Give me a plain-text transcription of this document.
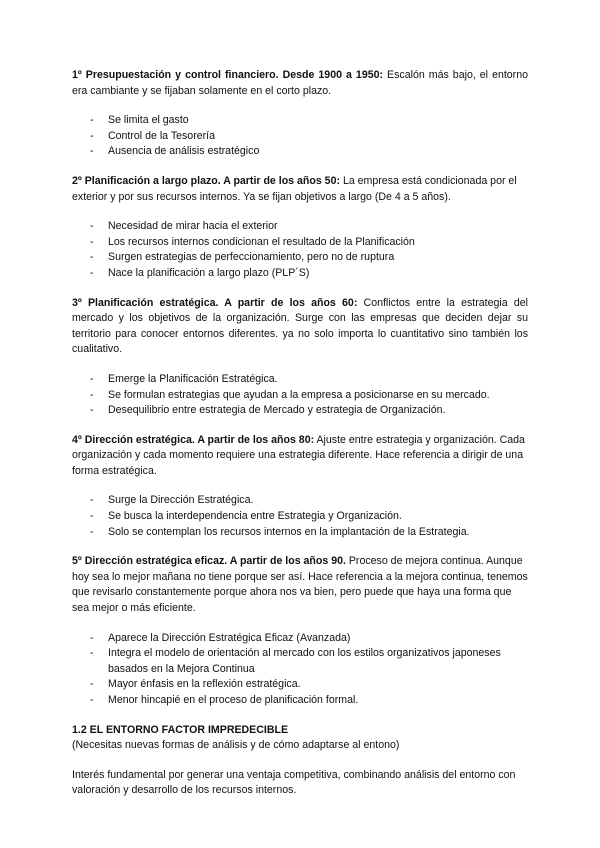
1º Presupuestación y control financiero. Desde 1900 a 1950: Escalón más bajo, el entorno era cambiante y se fijaban solamente en el corto plazo.

- Se limita el gasto
- Control de la Tesorería
- Ausencia de análisis estratégico

2º Planificación a largo plazo. A partir de los años 50: La empresa está condicionada por el exterior y por sus recursos internos. Ya se fijan objetivos a largo (De 4 a 5 años).

- Necesidad de mirar hacia el exterior
- Los recursos internos condicionan el resultado de la Planificación
- Surgen estrategias de perfeccionamiento, pero no de ruptura
- Nace la planificación a largo plazo (PLP´S)

3º Planificación estratégica. A partir de los años 60: Conflictos entre la estrategia del mercado y los objetivos de la organización. Surge con las empresas que deciden dejar su territorio para conocer entornos diferentes. ya no solo importa lo cuantitativo sino también los cualitativo.

- Emerge la Planificación Estratégica.
- Se formulan estrategias que ayudan a la empresa a posicionarse en su mercado.
- Desequilibrio entre estrategia de Mercado y estrategia de Organización.

4º Dirección estratégica. A partir de los años 80: Ajuste entre estrategia y organización. Cada organización y cada momento requiere una estrategia diferente. Hace referencia a dirigir de una forma estratégica.

- Surge la Dirección Estratégica.
- Se busca la interdependencia entre Estrategia y Organización.
- Solo se contemplan los recursos internos en la implantación de la Estrategia.

5º Dirección estratégica eficaz. A partir de los años 90. Proceso de mejora continua. Aunque hoy sea lo mejor mañana no tiene porque ser así. Hace referencia a la mejora continua, tenemos que revisarlo constantemente porque ahora nos va bien, pero puede que haya una forma que sea mejor o más eficiente.

- Aparece la Dirección Estratégica Eficaz (Avanzada)
- Integra el modelo de orientación al mercado con los estilos organizativos japoneses basados en la Mejora Continua
- Mayor énfasis en la reflexión estratégica.
- Menor hincapié en el proceso de planificación formal.

1.2 EL ENTORNO FACTOR IMPREDECIBLE

(Necesitas nuevas formas de análisis y de cómo adaptarse al entono)

Interés fundamental por generar una ventaja competitiva, combinando análisis del entorno con valoración y desarrollo de los recursos internos.
